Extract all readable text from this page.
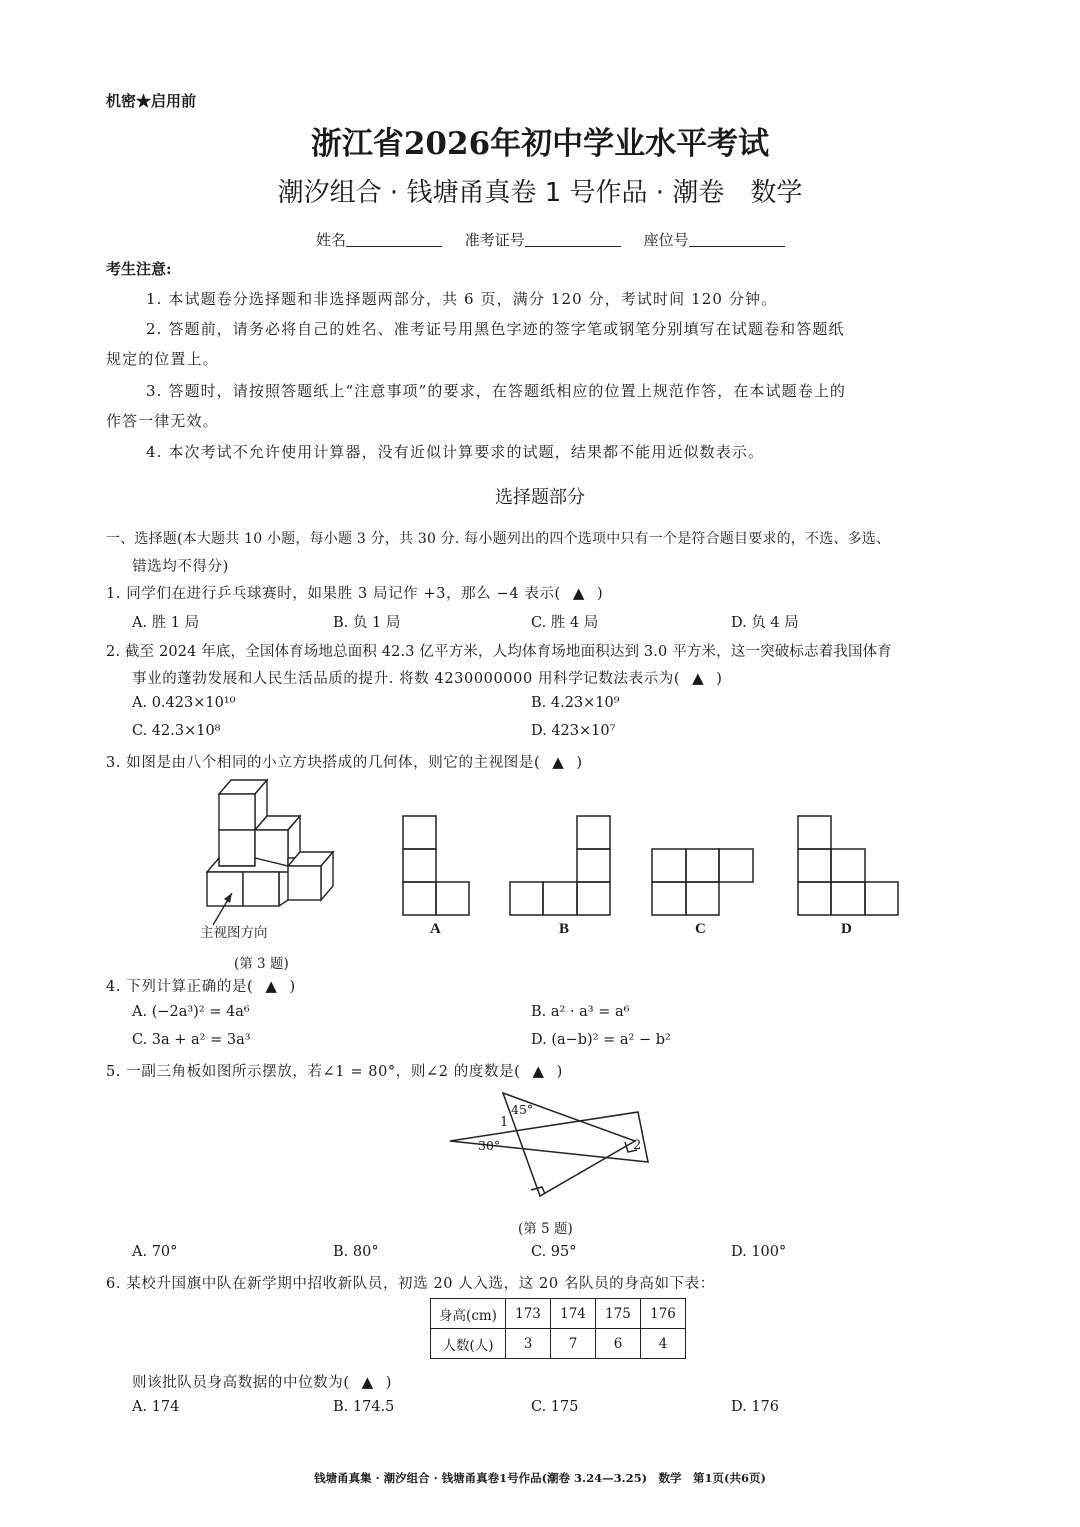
机密★启用前
浙江省2026年初中学业水平考试
潮汐组合 · 钱塘甬真卷 1 号作品 · 潮卷　数学
姓名	准考证号	座位号
考生注意:
1. 本试题卷分选择题和非选择题两部分，共 6 页，满分 120 分，考试时间 120 分钟。
2. 答题前，请务必将自己的姓名、准考证号用黑色字迹的签字笔或钢笔分别填写在试题卷和答题纸
规定的位置上。
3. 答题时，请按照答题纸上“注意事项”的要求，在答题纸相应的位置上规范作答，在本试题卷上的
作答一律无效。
4. 本次考试不允许使用计算器，没有近似计算要求的试题，结果都不能用近似数表示。
选择题部分
一、选择题(本大题共 10 小题，每小题 3 分，共 30 分. 每小题列出的四个选项中只有一个是符合题目要求的，不选、多选、
错选均不得分)
1. 同学们在进行乒乓球赛时，如果胜 3 局记作 +3，那么 −4 表示( ▲ )
A. 胜 1 局	B. 负 1 局	C. 胜 4 局	D. 负 4 局
2. 截至 2024 年底，全国体育场地总面积 42.3 亿平方米，人均体育场地面积达到 3.0 平方米，这一突破标志着我国体育
事业的蓬勃发展和人民生活品质的提升. 将数 4230000000 用科学记数法表示为( ▲ )
A. 0.423×10¹⁰	B. 4.23×10⁹
C. 42.3×10⁸	D. 423×10⁷
3. 如图是由八个相同的小立方块搭成的几何体，则它的主视图是( ▲ )
主视图方向	A	B	C	D
(第 3 题)
4. 下列计算正确的是( ▲ )
A. (−2a³)² = 4a⁶	B. a² · a³ = a⁶
C. 3a + a² = 3a³	D. (a−b)² = a² − b²
5. 一副三角板如图所示摆放，若∠1 = 80°，则∠2 的度数是( ▲ )
45°
30°
1
2
(第 5 题)
A. 70°	B. 80°	C. 95°	D. 100°
6. 某校升国旗中队在新学期中招收新队员，初选 20 人入选，这 20 名队员的身高如下表：
身高(cm)	173	174	175	176
人数(人)	3	7	6	4
则该批队员身高数据的中位数为( ▲ )
A. 174	B. 174.5	C. 175	D. 176
钱塘甬真集 · 潮汐组合 · 钱塘甬真卷1号作品(潮卷 3.24—3.25)　数学　第1页(共6页)
